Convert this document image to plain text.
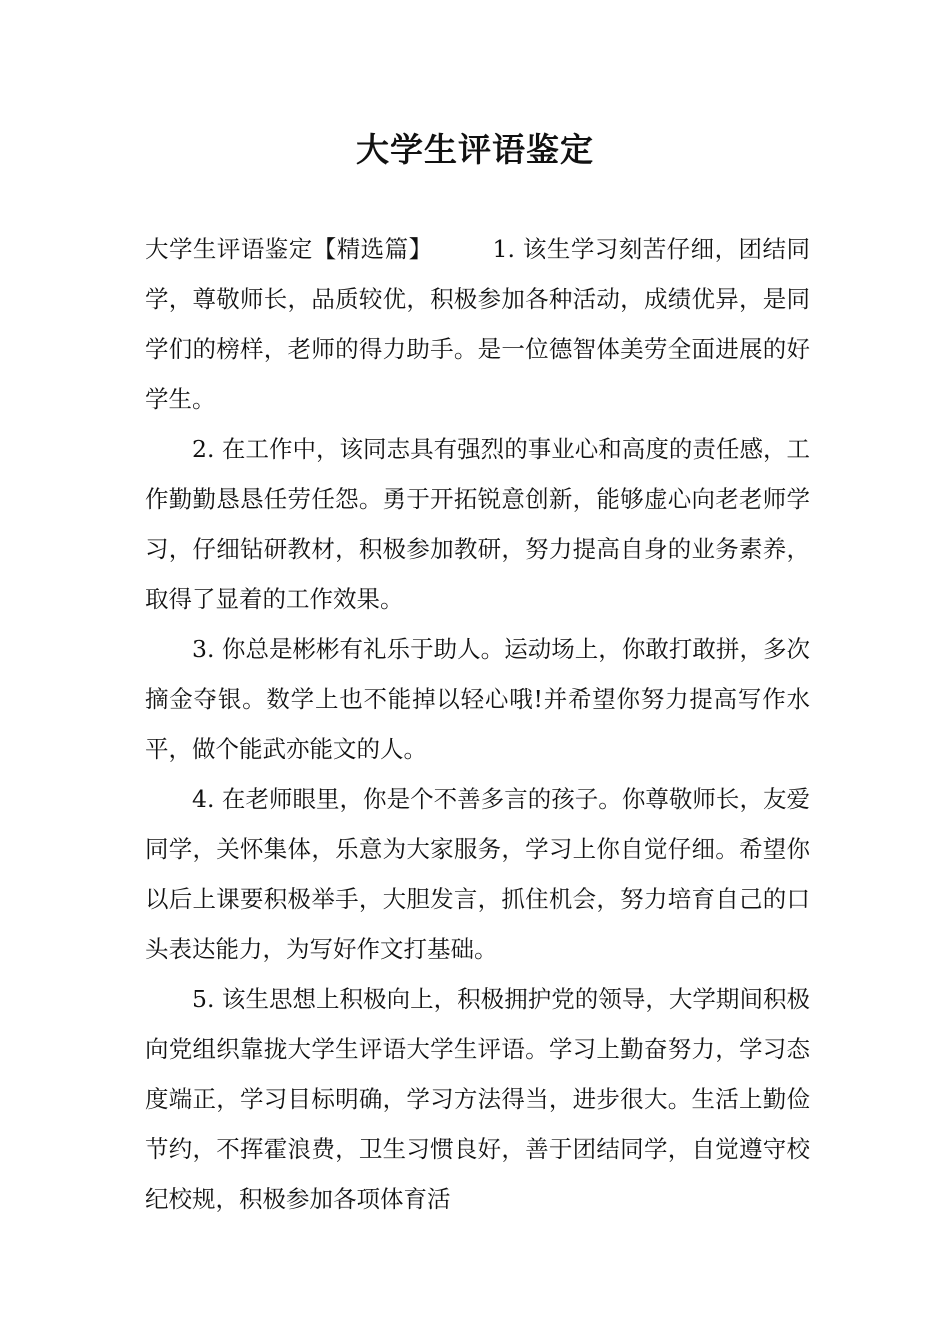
大学生评语鉴定

大学生评语鉴定【精选篇】	1. 该生学习刻苦仔细，团结同学，尊敬师长，品质较优，积极参加各种活动，成绩优异，是同学们的榜样，老师的得力助手。是一位德智体美劳全面进展的好学生。

2. 在工作中，该同志具有强烈的事业心和高度的责任感，工作勤勤恳恳任劳任怨。勇于开拓锐意创新，能够虚心向老老师学习，仔细钻研教材，积极参加教研，努力提高自身的业务素养，取得了显着的工作效果。

3. 你总是彬彬有礼乐于助人。运动场上，你敢打敢拼，多次摘金夺银。数学上也不能掉以轻心哦!并希望你努力提高写作水平，做个能武亦能文的人。

4. 在老师眼里，你是个不善多言的孩子。你尊敬师长，友爱同学，关怀集体，乐意为大家服务，学习上你自觉仔细。希望你以后上课要积极举手，大胆发言，抓住机会，努力培育自己的口头表达能力，为写好作文打基础。

5. 该生思想上积极向上，积极拥护党的领导，大学期间积极向党组织靠拢大学生评语大学生评语。学习上勤奋努力，学习态度端正，学习目标明确，学习方法得当，进步很大。生活上勤俭节约，不挥霍浪费，卫生习惯良好，善于团结同学，自觉遵守校纪校规，积极参加各项体育活
